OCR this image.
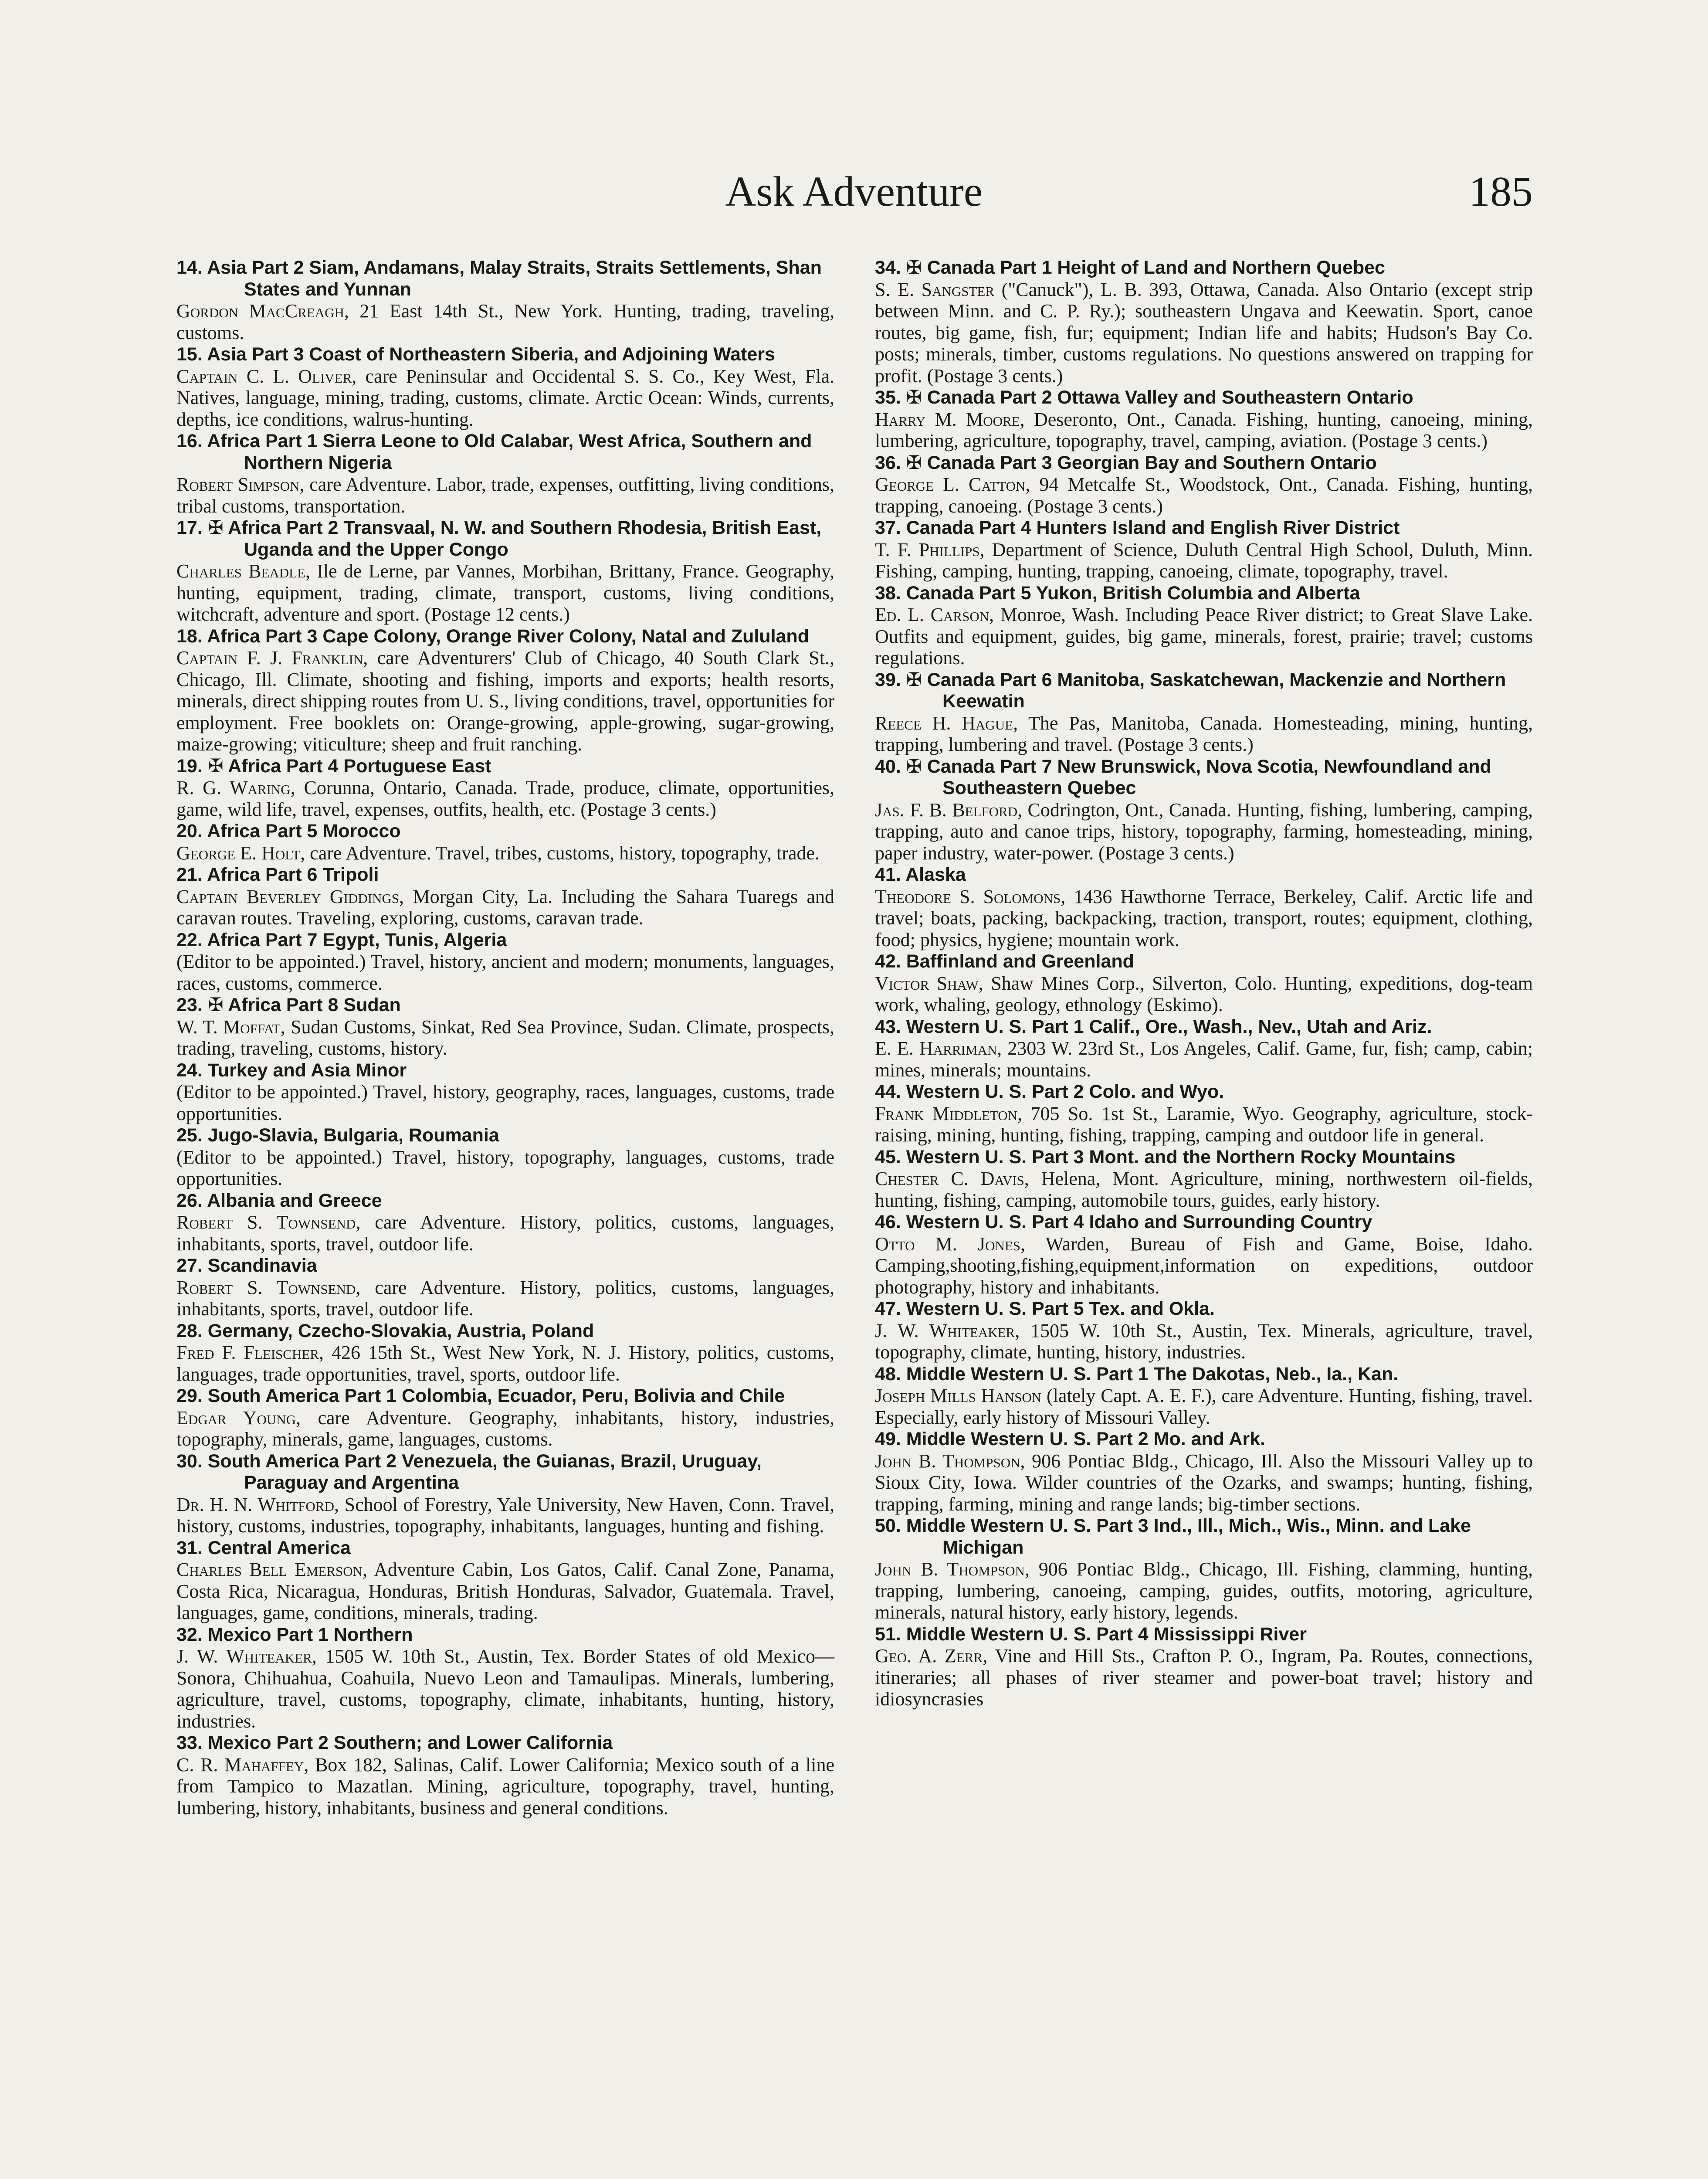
Ask Adventure	185
14. Asia Part 2 Siam, Andamans, Malay Straits, Straits Settlements, Shan States and Yunnan
Gordon MacCreagh, 21 East 14th St., New York. Hunting, trading, traveling, customs.
15. Asia Part 3 Coast of Northeastern Siberia, and Adjoining Waters
Captain C. L. Oliver, care Peninsular and Occidental S. S. Co., Key West, Fla. Natives, language, mining, trading, customs, climate. Arctic Ocean: Winds, currents, depths, ice conditions, walrus-hunting.
16. Africa Part 1 Sierra Leone to Old Calabar, West Africa, Southern and Northern Nigeria
Robert Simpson, care Adventure. Labor, trade, expenses, outfitting, living conditions, tribal customs, transportation.
17. ✠ Africa Part 2 Transvaal, N. W. and Southern Rhodesia, British East, Uganda and the Upper Congo
Charles Beadle, Ile de Lerne, par Vannes, Morbihan, Brittany, France. Geography, hunting, equipment, trading, climate, transport, customs, living conditions, witchcraft, adventure and sport. (Postage 12 cents.)
18. Africa Part 3 Cape Colony, Orange River Colony, Natal and Zululand
Captain F. J. Franklin, care Adventurers' Club of Chicago, 40 South Clark St., Chicago, Ill. Climate, shooting and fishing, imports and exports; health resorts, minerals, direct shipping routes from U. S., living conditions, travel, opportunities for employment. Free booklets on: Orange-growing, apple-growing, sugar-growing, maize-growing; viticulture; sheep and fruit ranching.
19. ✠ Africa Part 4 Portuguese East
R. G. Waring, Corunna, Ontario, Canada. Trade, produce, climate, opportunities, game, wild life, travel, expenses, outfits, health, etc. (Postage 3 cents.)
20. Africa Part 5 Morocco
George E. Holt, care Adventure. Travel, tribes, customs, history, topography, trade.
21. Africa Part 6 Tripoli
Captain Beverley Giddings, Morgan City, La. Including the Sahara Tuaregs and caravan routes. Traveling, exploring, customs, caravan trade.
22. Africa Part 7 Egypt, Tunis, Algeria
(Editor to be appointed.) Travel, history, ancient and modern; monuments, languages, races, customs, commerce.
23. ✠ Africa Part 8 Sudan
W. T. Moffat, Sudan Customs, Sinkat, Red Sea Province, Sudan. Climate, prospects, trading, traveling, customs, history.
24. Turkey and Asia Minor
(Editor to be appointed.) Travel, history, geography, races, languages, customs, trade opportunities.
25. Jugo-Slavia, Bulgaria, Roumania
(Editor to be appointed.) Travel, history, topography, languages, customs, trade opportunities.
26. Albania and Greece
Robert S. Townsend, care Adventure. History, politics, customs, languages, inhabitants, sports, travel, outdoor life.
27. Scandinavia
Robert S. Townsend, care Adventure. History, politics, customs, languages, inhabitants, sports, travel, outdoor life.
28. Germany, Czecho-Slovakia, Austria, Poland
Fred F. Fleischer, 426 15th St., West New York, N. J. History, politics, customs, languages, trade opportunities, travel, sports, outdoor life.
29. South America Part 1 Colombia, Ecuador, Peru, Bolivia and Chile
Edgar Young, care Adventure. Geography, inhabitants, history, industries, topography, minerals, game, languages, customs.
30. South America Part 2 Venezuela, the Guianas, Brazil, Uruguay, Paraguay and Argentina
Dr. H. N. Whitford, School of Forestry, Yale University, New Haven, Conn. Travel, history, customs, industries, topography, inhabitants, languages, hunting and fishing.
31. Central America
Charles Bell Emerson, Adventure Cabin, Los Gatos, Calif. Canal Zone, Panama, Costa Rica, Nicaragua, Honduras, British Honduras, Salvador, Guatemala. Travel, languages, game, conditions, minerals, trading.
32. Mexico Part 1 Northern
J. W. Whiteaker, 1505 W. 10th St., Austin, Tex. Border States of old Mexico—Sonora, Chihuahua, Coahuila, Nuevo Leon and Tamaulipas. Minerals, lumbering, agriculture, travel, customs, topography, climate, inhabitants, hunting, history, industries.
33. Mexico Part 2 Southern; and Lower California
C. R. Mahaffey, Box 182, Salinas, Calif. Lower California; Mexico south of a line from Tampico to Mazatlan. Mining, agriculture, topography, travel, hunting, lumbering, history, inhabitants, business and general conditions.
34. ✠ Canada Part 1 Height of Land and Northern Quebec
S. E. Sangster ("Canuck"), L. B. 393, Ottawa, Canada. Also Ontario (except strip between Minn. and C. P. Ry.); southeastern Ungava and Keewatin. Sport, canoe routes, big game, fish, fur; equipment; Indian life and habits; Hudson's Bay Co. posts; minerals, timber, customs regulations. No questions answered on trapping for profit. (Postage 3 cents.)
35. ✠ Canada Part 2 Ottawa Valley and Southeastern Ontario
Harry M. Moore, Deseronto, Ont., Canada. Fishing, hunting, canoeing, mining, lumbering, agriculture, topography, travel, camping, aviation. (Postage 3 cents.)
36. ✠ Canada Part 3 Georgian Bay and Southern Ontario
George L. Catton, 94 Metcalfe St., Woodstock, Ont., Canada. Fishing, hunting, trapping, canoeing. (Postage 3 cents.)
37. Canada Part 4 Hunters Island and English River District
T. F. Phillips, Department of Science, Duluth Central High School, Duluth, Minn. Fishing, camping, hunting, trapping, canoeing, climate, topography, travel.
38. Canada Part 5 Yukon, British Columbia and Alberta
Ed. L. Carson, Monroe, Wash. Including Peace River district; to Great Slave Lake. Outfits and equipment, guides, big game, minerals, forest, prairie; travel; customs regulations.
39. ✠ Canada Part 6 Manitoba, Saskatchewan, Mackenzie and Northern Keewatin
Reece H. Hague, The Pas, Manitoba, Canada. Homesteading, mining, hunting, trapping, lumbering and travel. (Postage 3 cents.)
40. ✠ Canada Part 7 New Brunswick, Nova Scotia, Newfoundland and Southeastern Quebec
Jas. F. B. Belford, Codrington, Ont., Canada. Hunting, fishing, lumbering, camping, trapping, auto and canoe trips, history, topography, farming, homesteading, mining, paper industry, water-power. (Postage 3 cents.)
41. Alaska
Theodore S. Solomons, 1436 Hawthorne Terrace, Berkeley, Calif. Arctic life and travel; boats, packing, backpacking, traction, transport, routes; equipment, clothing, food; physics, hygiene; mountain work.
42. Baffinland and Greenland
Victor Shaw, Shaw Mines Corp., Silverton, Colo. Hunting, expeditions, dog-team work, whaling, geology, ethnology (Eskimo).
43. Western U. S. Part 1 Calif., Ore., Wash., Nev., Utah and Ariz.
E. E. Harriman, 2303 W. 23rd St., Los Angeles, Calif. Game, fur, fish; camp, cabin; mines, minerals; mountains.
44. Western U. S. Part 2 Colo. and Wyo.
Frank Middleton, 705 So. 1st St., Laramie, Wyo. Geography, agriculture, stock-raising, mining, hunting, fishing, trapping, camping and outdoor life in general.
45. Western U. S. Part 3 Mont. and the Northern Rocky Mountains
Chester C. Davis, Helena, Mont. Agriculture, mining, northwestern oil-fields, hunting, fishing, camping, automobile tours, guides, early history.
46. Western U. S. Part 4 Idaho and Surrounding Country
Otto M. Jones, Warden, Bureau of Fish and Game, Boise, Idaho. Camping,shooting,fishing,equipment,information on expeditions, outdoor photography, history and inhabitants.
47. Western U. S. Part 5 Tex. and Okla.
J. W. Whiteaker, 1505 W. 10th St., Austin, Tex. Minerals, agriculture, travel, topography, climate, hunting, history, industries.
48. Middle Western U. S. Part 1 The Dakotas, Neb., Ia., Kan.
Joseph Mills Hanson (lately Capt. A. E. F.), care Adventure. Hunting, fishing, travel. Especially, early history of Missouri Valley.
49. Middle Western U. S. Part 2 Mo. and Ark.
John B. Thompson, 906 Pontiac Bldg., Chicago, Ill. Also the Missouri Valley up to Sioux City, Iowa. Wilder countries of the Ozarks, and swamps; hunting, fishing, trapping, farming, mining and range lands; big-timber sections.
50. Middle Western U. S. Part 3 Ind., Ill., Mich., Wis., Minn. and Lake Michigan
John B. Thompson, 906 Pontiac Bldg., Chicago, Ill. Fishing, clamming, hunting, trapping, lumbering, canoeing, camping, guides, outfits, motoring, agriculture, minerals, natural history, early history, legends.
51. Middle Western U. S. Part 4 Mississippi River
Geo. A. Zerr, Vine and Hill Sts., Crafton P. O., Ingram, Pa. Routes, connections, itineraries; all phases of river steamer and power-boat travel; history and idiosyncrasies
